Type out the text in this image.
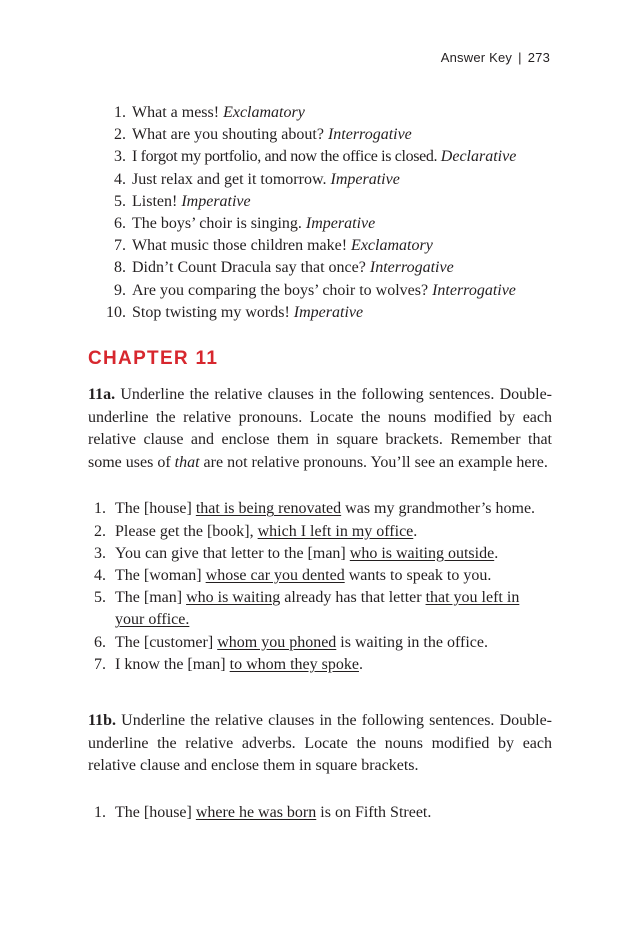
Answer Key | 273
1. What a mess! Exclamatory
2. What are you shouting about? Interrogative
3. I forgot my portfolio, and now the office is closed. Declarative
4. Just relax and get it tomorrow. Imperative
5. Listen! Imperative
6. The boys’ choir is singing. Imperative
7. What music those children make! Exclamatory
8. Didn’t Count Dracula say that once? Interrogative
9. Are you comparing the boys’ choir to wolves? Interrogative
10. Stop twisting my words! Imperative
CHAPTER 11

11a. Underline the relative clauses in the following sentences. Double-underline the relative pronouns. Locate the nouns modified by each relative clause and enclose them in square brackets. Remember that some uses of that are not relative pronouns. You’ll see an example here.

1. The [house] that is being renovated was my grandmother’s home.
2. Please get the [book], which I left in my office.
3. You can give that letter to the [man] who is waiting outside.
4. The [woman] whose car you dented wants to speak to you.
5. The [man] who is waiting already has that letter that you left in your office.
6. The [customer] whom you phoned is waiting in the office.
7. I know the [man] to whom they spoke.

11b. Underline the relative clauses in the following sentences. Double-underline the relative adverbs. Locate the nouns modified by each relative clause and enclose them in square brackets.

1. The [house] where he was born is on Fifth Street.
